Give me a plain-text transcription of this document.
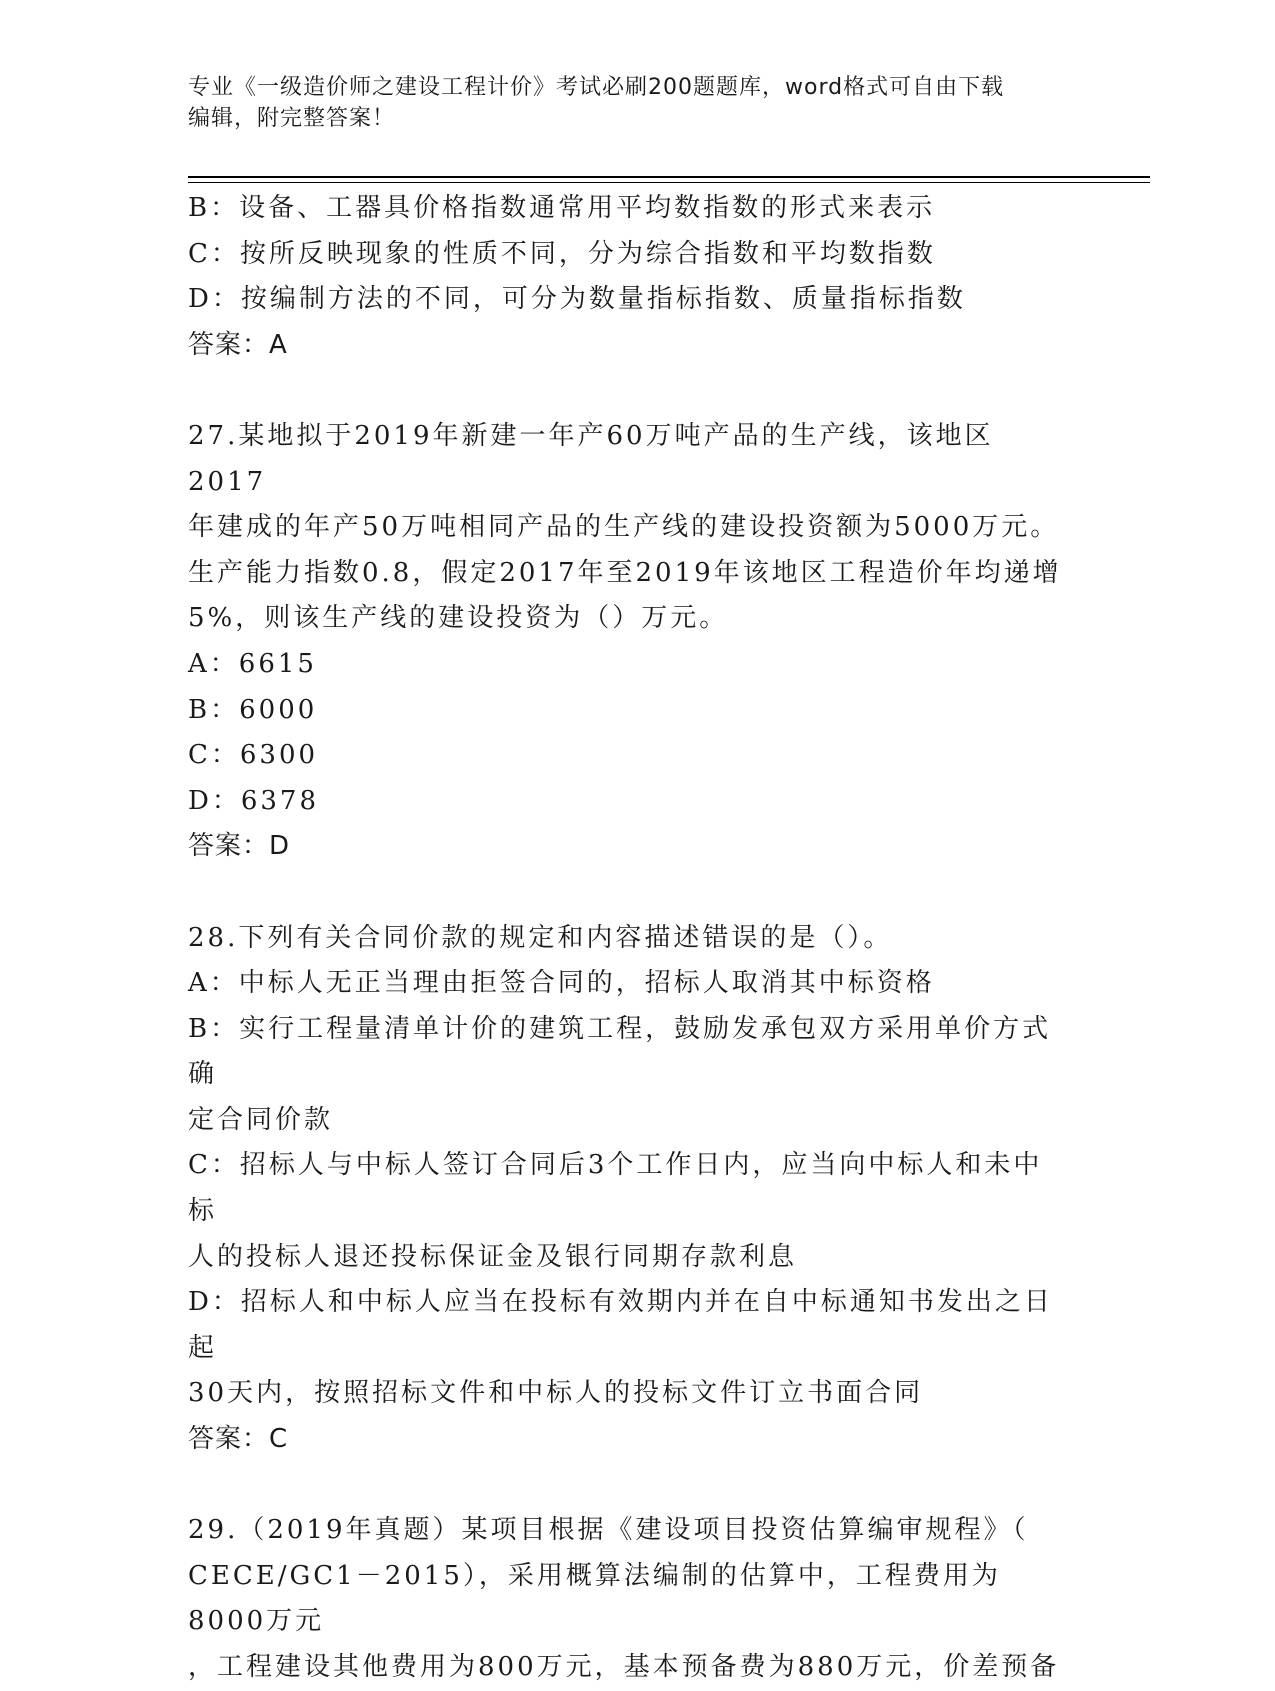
专业《一级造价师之建设工程计价》考试必刷200题题库，word格式可自由下载
编辑，附完整答案！
B：设备、工器具价格指数通常用平均数指数的形式来表示
C：按所反映现象的性质不同，分为综合指数和平均数指数
D：按编制方法的不同，可分为数量指标指数、质量指标指数
答案：A
27.某地拟于2019年新建一年产60万吨产品的生产线，该地区2017
年建成的年产50万吨相同产品的生产线的建设投资额为5000万元。
生产能力指数0.8，假定2017年至2019年该地区工程造价年均递增
5%，则该生产线的建设投资为（）万元。
A：6615
B：6000
C：6300
D：6378
答案：D
28.下列有关合同价款的规定和内容描述错误的是（）。
A：中标人无正当理由拒签合同的，招标人取消其中标资格
B：实行工程量清单计价的建筑工程，鼓励发承包双方采用单价方式确
定合同价款
C：招标人与中标人签订合同后3个工作日内，应当向中标人和未中标
人的投标人退还投标保证金及银行同期存款利息
D：招标人和中标人应当在投标有效期内并在自中标通知书发出之日起
30天内，按照招标文件和中标人的投标文件订立书面合同
答案：C
29.（2019年真题）某项目根据《建设项目投资估算编审规程》（
CECE/GC1－2015），采用概算法编制的估算中，工程费用为8000万元
，工程建设其他费用为800万元，基本预备费为880万元，价差预备
